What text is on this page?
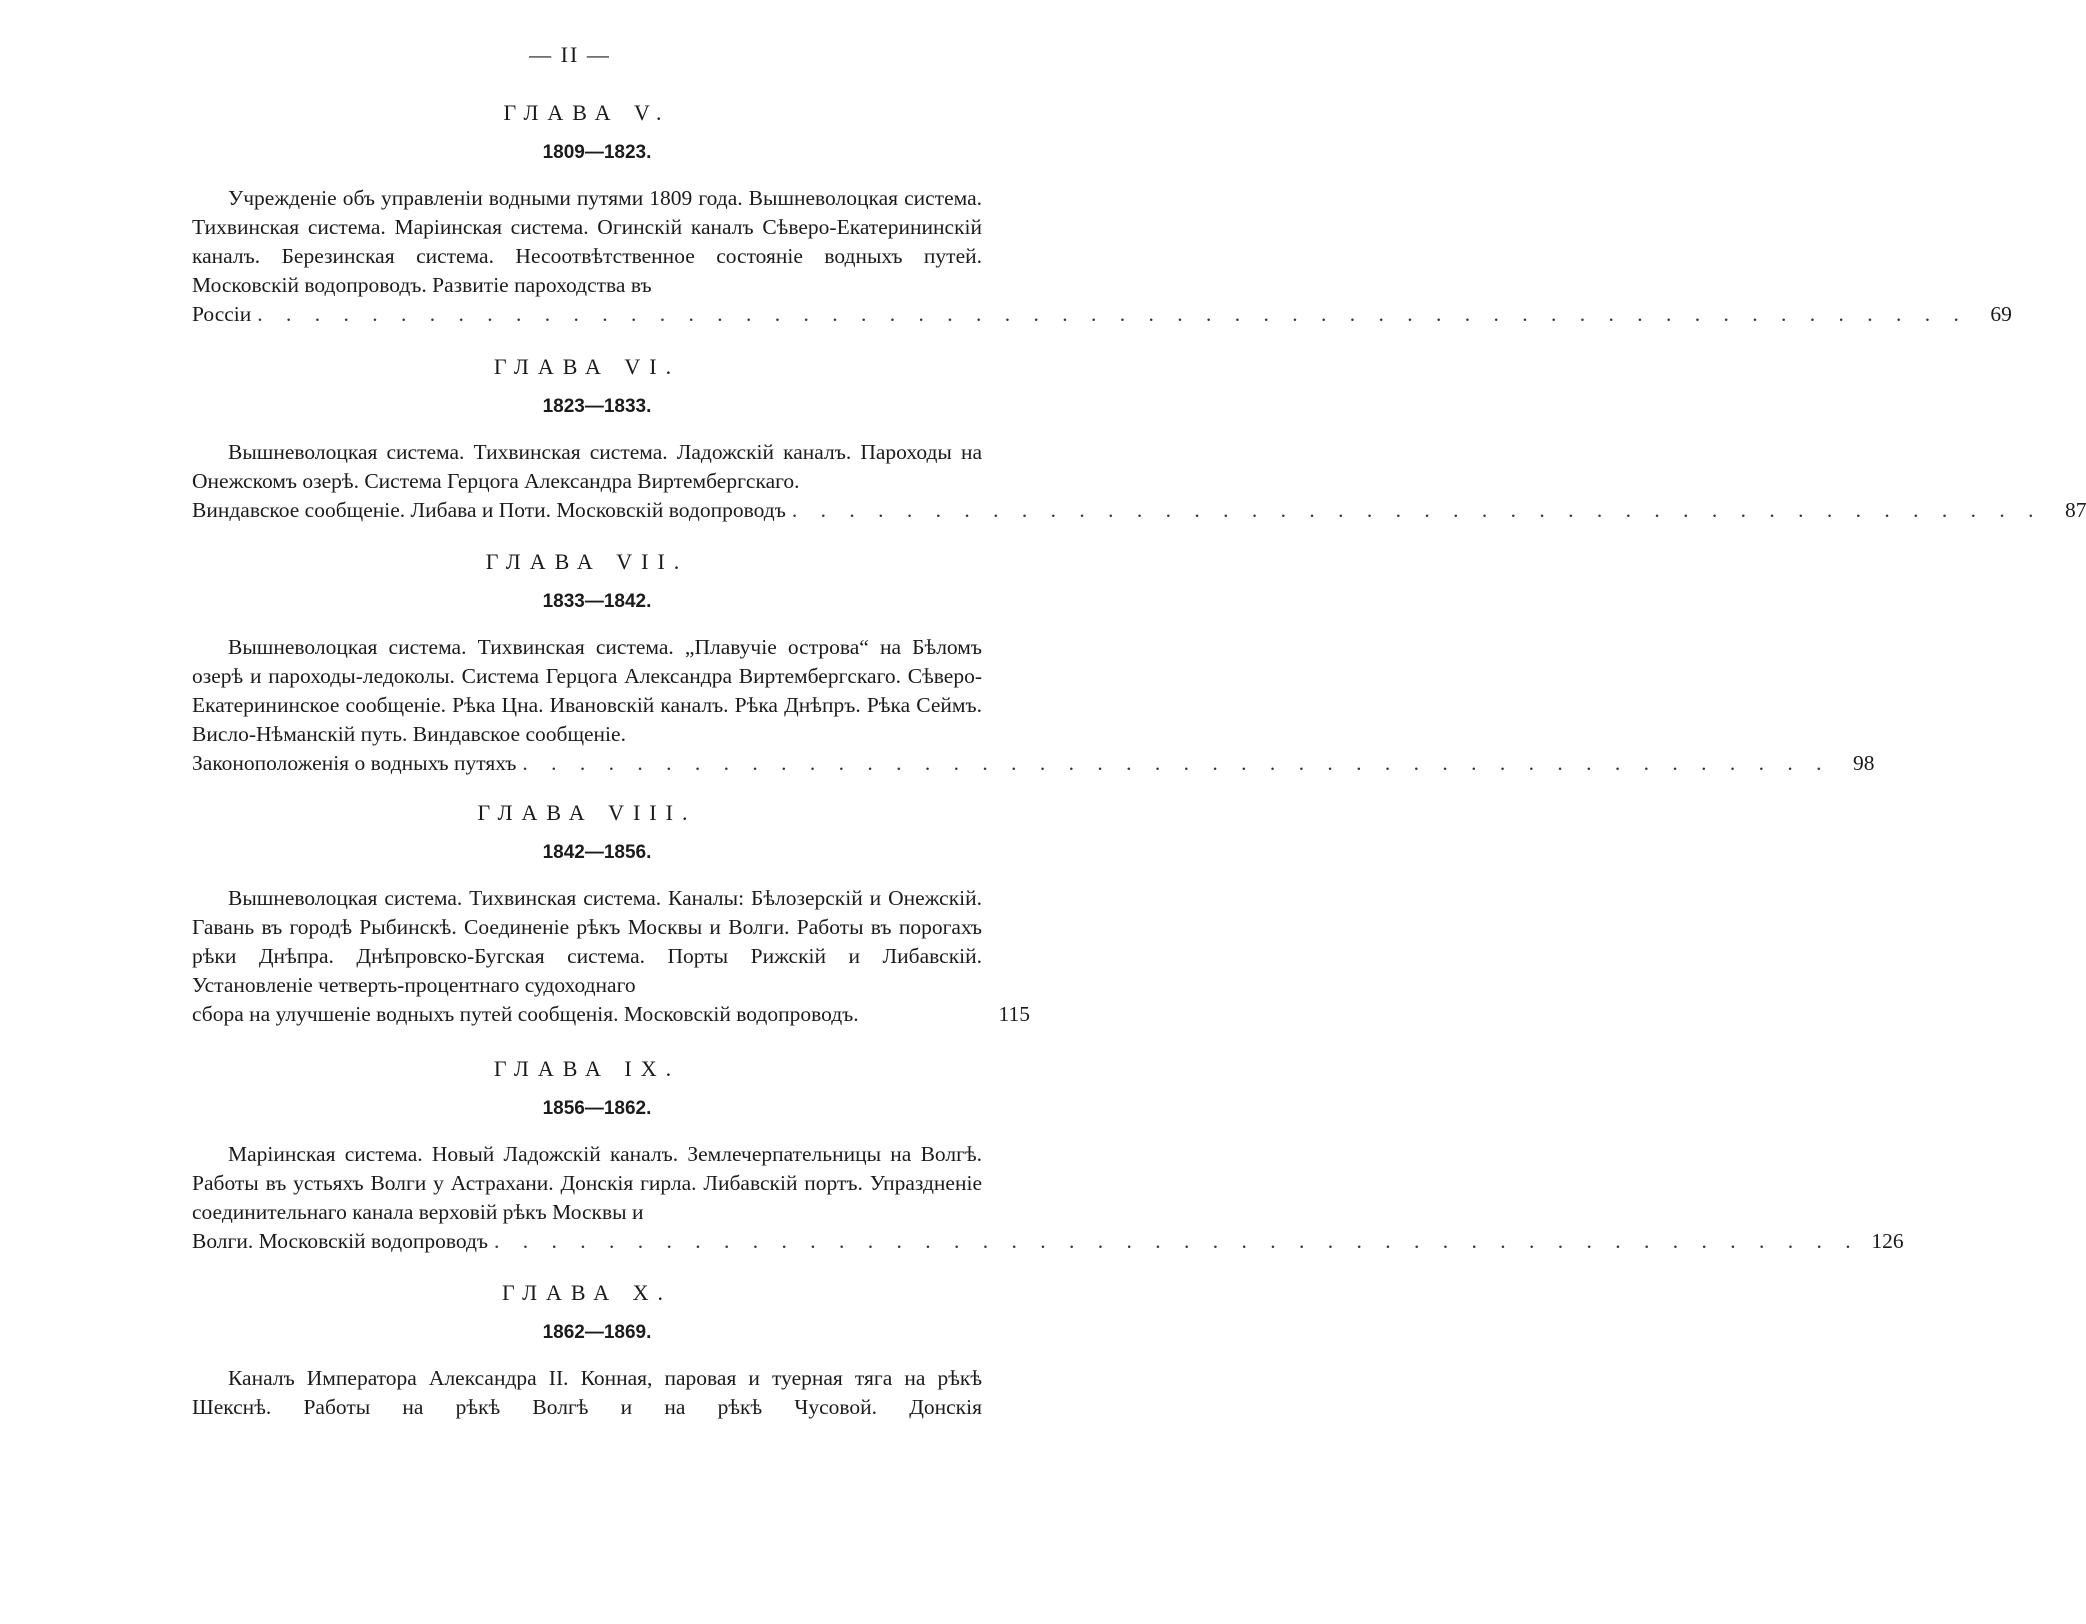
— II —
ГЛАВА V.
1809—1823.
Учрежденіе объ управленіи водными путями 1809 года. Вышневолоцкая система. Тихвинская система. Маріинская система. Огинскій каналъ Сѣверо-Екатерининскій каналъ. Березинская система. Несоотвѣтственное состояніе водныхъ путей. Московскій водопроводъ. Развитіе пароходства въ
Россіи . . . . . . . . . . . . . . . . . . . . . . . . . . . . . . . . . . . . . . . . . . . . . . . . . . . . . . . . . . . .	69
ГЛАВА VI.
1823—1833.
Вышневолоцкая система. Тихвинская система. Ладожскій каналъ. Пароходы на Онежскомъ озерѣ. Система Герцога Александра Виртембергскаго.
Виндавское сообщеніе. Либава и Поти. Московскій водопроводъ . . . . . . . . . . . . . . . . . . . . . . . . . . . . . . . . . . . . . . . . . . . .	87
ГЛАВА VII.
1833—1842.
Вышневолоцкая система. Тихвинская система. „Плавучіе острова“ на Бѣломъ озерѣ и пароходы-ледоколы. Система Герцога Александра Виртембергскаго. Сѣверо-Екатерининское сообщеніе. Рѣка Цна. Ивановскій каналъ. Рѣка Днѣпръ. Рѣка Сеймъ. Висло-Нѣманскій путь. Виндавское сообщеніе.
Законоположенія о водныхъ путяхъ . . . . . . . . . . . . . . . . . . . . . . . . . . . . . . . . . . . . . . . . . . . . . .	98
ГЛАВА VIII.
1842—1856.
Вышневолоцкая система. Тихвинская система. Каналы: Бѣлозерскій и Онежскій. Гавань въ городѣ Рыбинскѣ. Соединеніе рѣкъ Москвы и Волги. Работы въ порогахъ рѣки Днѣпра. Днѣпровско-Бугская система. Порты Рижскій и Либавскій. Установленіе четверть-процентнаго судоходнаго
сбора на улучшеніе водныхъ путей сообщенія. Московскій водопроводъ.	115
ГЛАВА IX.
1856—1862.
Маріинская система. Новый Ладожскій каналъ. Землечерпательницы на Волгѣ. Работы въ устьяхъ Волги у Астрахани. Донскія гирла. Либавскій портъ. Упраздненіе соединительнаго канала верховій рѣкъ Москвы и
Волги. Московскій водопроводъ . . . . . . . . . . . . . . . . . . . . . . . . . . . . . . . . . . . . . . . . . . . . . . . . 126
ГЛАВА X.
1862—1869.
Каналъ Императора Александра II. Конная, паровая и туерная тяга на рѣкѣ Шекснѣ. Работы на рѣкѣ Волгѣ и на рѣкѣ Чусовой. Донскія
